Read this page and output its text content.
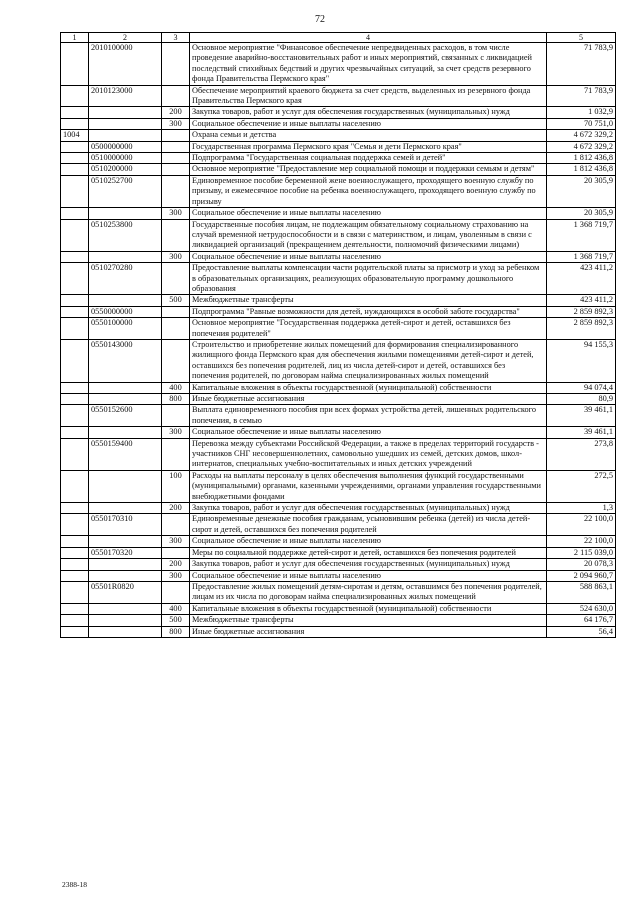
72
1	2	3	4	5
	2010100000		Основное мероприятие "Финансовое обеспечение непредвиденных расходов, в том числе проведение аварийно-восстановительных работ и иных мероприятий, связанных с ликвидацией последствий стихийных бедствий и других чрезвычайных ситуаций, за счет средств резервного фонда Правительства Пермского края"	71 783,9
	2010123000		Обеспечение мероприятий краевого бюджета за счет средств, выделенных из резервного фонда Правительства Пермского края	71 783,9
		200	Закупка товаров, работ и услуг для обеспечения государственных (муниципальных) нужд	1 032,9
		300	Социальное обеспечение и иные выплаты населению	70 751,0
1004			Охрана семьи и детства	4 672 329,2
	0500000000		Государственная программа Пермского края "Семья и дети Пермского края"	4 672 329,2
	0510000000		Подпрограмма "Государственная социальная поддержка семей и детей"	1 812 436,8
	0510200000		Основное мероприятие "Предоставление мер социальной помощи и поддержки семьям и детям"	1 812 436,8
	0510252700		Единовременное пособие беременной жене военнослужащего, проходящего военную службу по призыву, и ежемесячное пособие на ребенка военнослужащего, проходящего военную службу по призыву	20 305,9
		300	Социальное обеспечение и иные выплаты населению	20 305,9
	0510253800		Государственные пособия лицам, не подлежащим обязательному социальному страхованию на случай временной нетрудоспособности и в связи с материнством, и лицам, уволенным в связи с ликвидацией организаций (прекращением деятельности, полномочий физическими лицами)	1 368 719,7
		300	Социальное обеспечение и иные выплаты населению	1 368 719,7
	0510270280		Предоставление выплаты компенсации части родительской платы за присмотр и уход за ребенком в образовательных организациях, реализующих образовательную программу дошкольного образования	423 411,2
		500	Межбюджетные трансферты	423 411,2
	0550000000		Подпрограмма "Равные возможности для детей, нуждающихся в особой заботе государства"	2 859 892,3
	0550100000		Основное мероприятие "Государственная поддержка детей-сирот и детей, оставшихся без попечения родителей"	2 859 892,3
	0550143000		Строительство и приобретение жилых помещений для формирования специализированного жилищного фонда Пермского края для обеспечения жилыми помещениями детей-сирот и детей, оставшихся без попечения родителей, лиц из числа детей-сирот и детей, оставшихся без попечения родителей, по договорам найма специализированных жилых помещений	94 155,3
		400	Капитальные вложения в объекты государственной (муниципальной) собственности	94 074,4
		800	Иные бюджетные ассигнования	80,9
	0550152600		Выплата единовременного пособия при всех формах устройства детей, лишенных родительского попечения, в семью	39 461,1
		300	Социальное обеспечение и иные выплаты населению	39 461,1
	0550159400		Перевозка между субъектами Российской Федерации, а также в пределах территорий государств - участников СНГ несовершеннолетних, самовольно ушедших из семей, детских домов, школ-интернатов, специальных учебно-воспитательных и иных детских учреждений	273,8
		100	Расходы на выплаты персоналу в целях обеспечения выполнения функций государственными (муниципальными) органами, казенными учреждениями, органами управления государственными внебюджетными фондами	272,5
		200	Закупка товаров, работ и услуг для обеспечения государственных (муниципальных) нужд	1,3
	0550170310		Единовременные денежные пособия гражданам, усыновившим ребенка (детей) из числа детей-сирот и детей, оставшихся без попечения родителей	22 100,0
		300	Социальное обеспечение и иные выплаты населению	22 100,0
	0550170320		Меры по социальной поддержке детей-сирот и детей, оставшихся без попечения родителей	2 115 039,0
		200	Закупка товаров, работ и услуг для обеспечения государственных (муниципальных) нужд	20 078,3
		300	Социальное обеспечение и иные выплаты населению	2 094 960,7
	05501R0820		Предоставление жилых помещений детям-сиротам и детям, оставшимся без попечения родителей, лицам из их числа по договорам найма специализированных жилых помещений	588 863,1
		400	Капитальные вложения в объекты государственной (муниципальной) собственности	524 630,0
		500	Межбюджетные трансферты	64 176,7
		800	Иные бюджетные ассигнования	56,4
2388-18
